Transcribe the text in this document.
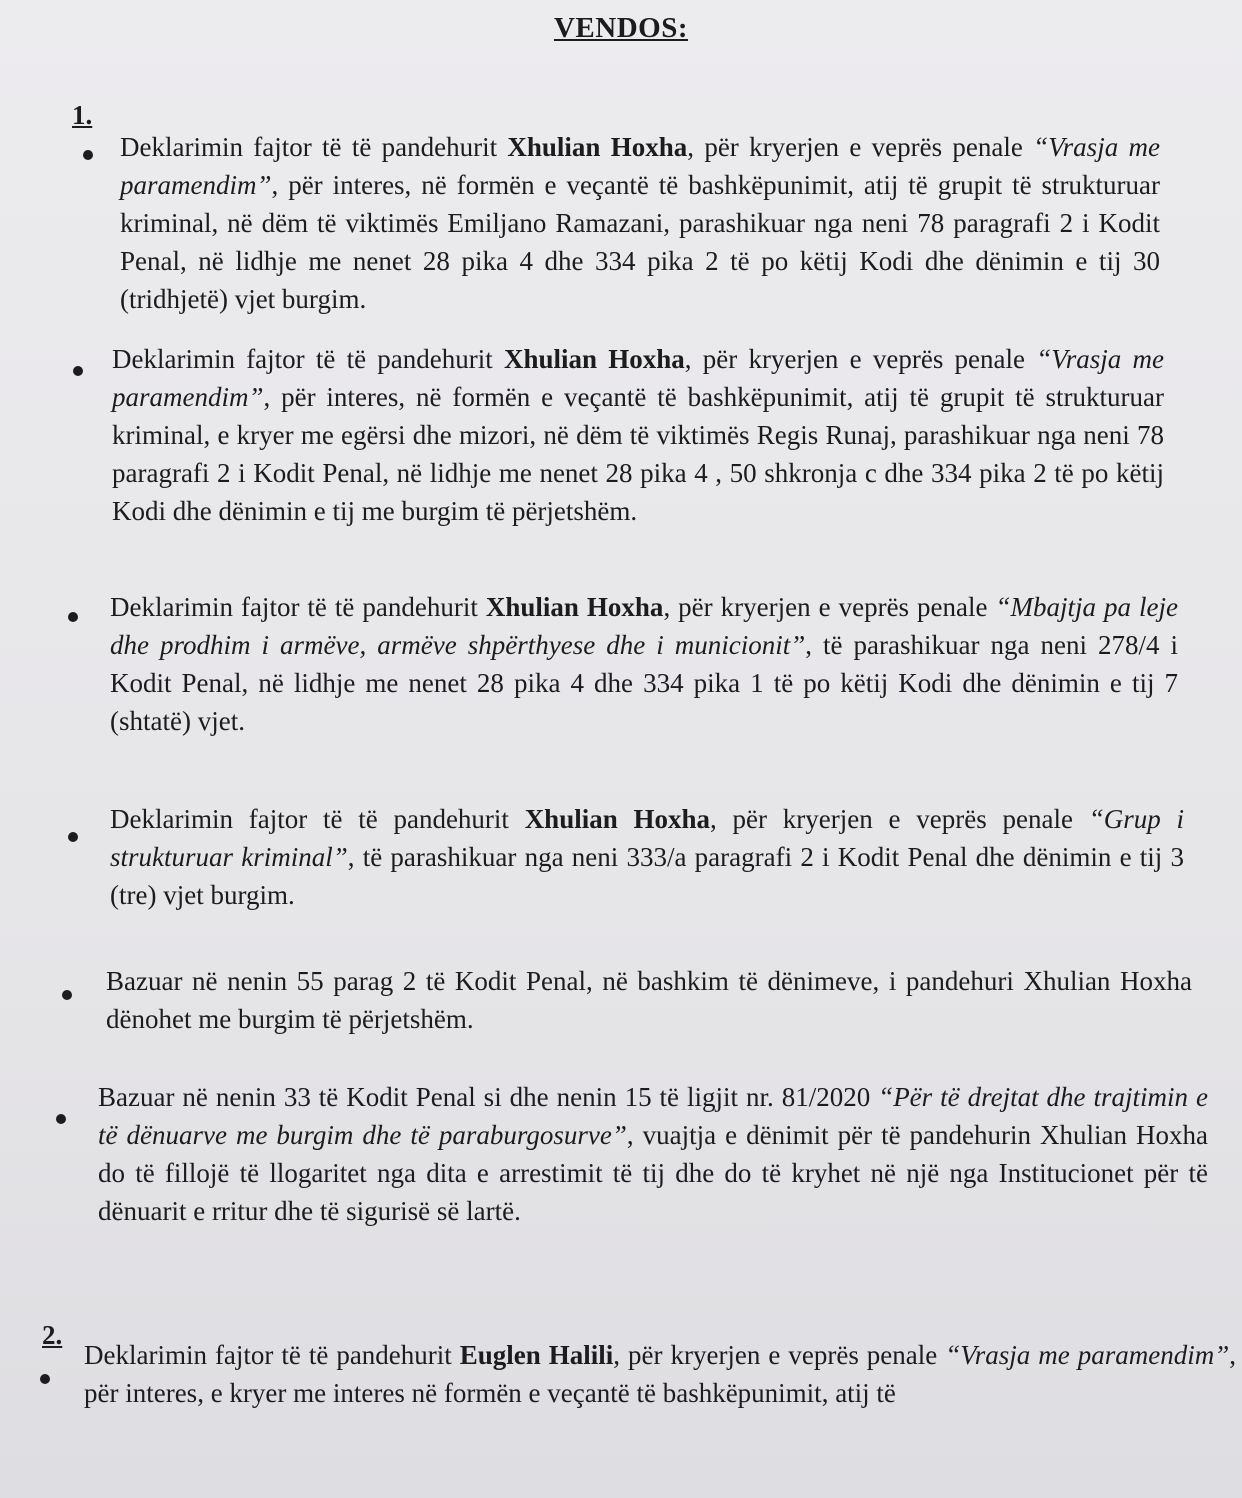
VENDOS:
1.
Deklarimin fajtor të të pandehurit Xhulian Hoxha, për kryerjen e veprës penale “Vrasja me paramendim”, për interes, në formën e veçantë të bashkëpunimit, atij të grupit të strukturuar kriminal, në dëm të viktimës Emiljano Ramazani, parashikuar nga neni 78 paragrafi 2 i Kodit Penal, në lidhje me nenet 28 pika 4 dhe 334 pika 2 të po këtij Kodi dhe dënimin e tij 30 (tridhjetë) vjet burgim.
Deklarimin fajtor të të pandehurit Xhulian Hoxha, për kryerjen e veprës penale “Vrasja me paramendim”, për interes, në formën e veçantë të bashkëpunimit, atij të grupit të strukturuar kriminal, e kryer me egërsi dhe mizori, në dëm të viktimës Regis Runaj, parashikuar nga neni 78 paragrafi 2 i Kodit Penal, në lidhje me nenet 28 pika 4 , 50 shkronja c dhe 334 pika 2 të po këtij Kodi dhe dënimin e tij me burgim të përjetshëm.
Deklarimin fajtor të të pandehurit Xhulian Hoxha, për kryerjen e veprës penale “Mbajtja pa leje dhe prodhim i armëve, armëve shpërthyese dhe i municionit”, të parashikuar nga neni 278/4 i Kodit Penal, në lidhje me nenet 28 pika 4 dhe 334 pika 1 të po këtij Kodi dhe dënimin e tij 7 (shtatë) vjet.
Deklarimin fajtor të të pandehurit Xhulian Hoxha, për kryerjen e veprës penale “Grup i strukturuar kriminal”, të parashikuar nga neni 333/a paragrafi 2 i Kodit Penal dhe dënimin e tij 3 (tre) vjet burgim.
Bazuar në nenin 55 parag 2 të Kodit Penal, në bashkim të dënimeve, i pandehuri Xhulian Hoxha dënohet me burgim të përjetshëm.
Bazuar në nenin 33 të Kodit Penal si dhe nenin 15 të ligjit nr. 81/2020 “Për të drejtat dhe trajtimin e të dënuarve me burgim dhe të paraburgosurve”, vuajtja e dënimit për të pandehurin Xhulian Hoxha do të fillojë të llogaritet nga dita e arrestimit të tij dhe do të kryhet në një nga Institucionet për të dënuarit e rritur dhe të sigurisë së lartë.
2.
Deklarimin fajtor të të pandehurit Euglen Halili, për kryerjen e veprës penale “Vrasja me paramendim”, për interes, e kryer me interes në formën e veçantë të bashkëpunimit, atij të
